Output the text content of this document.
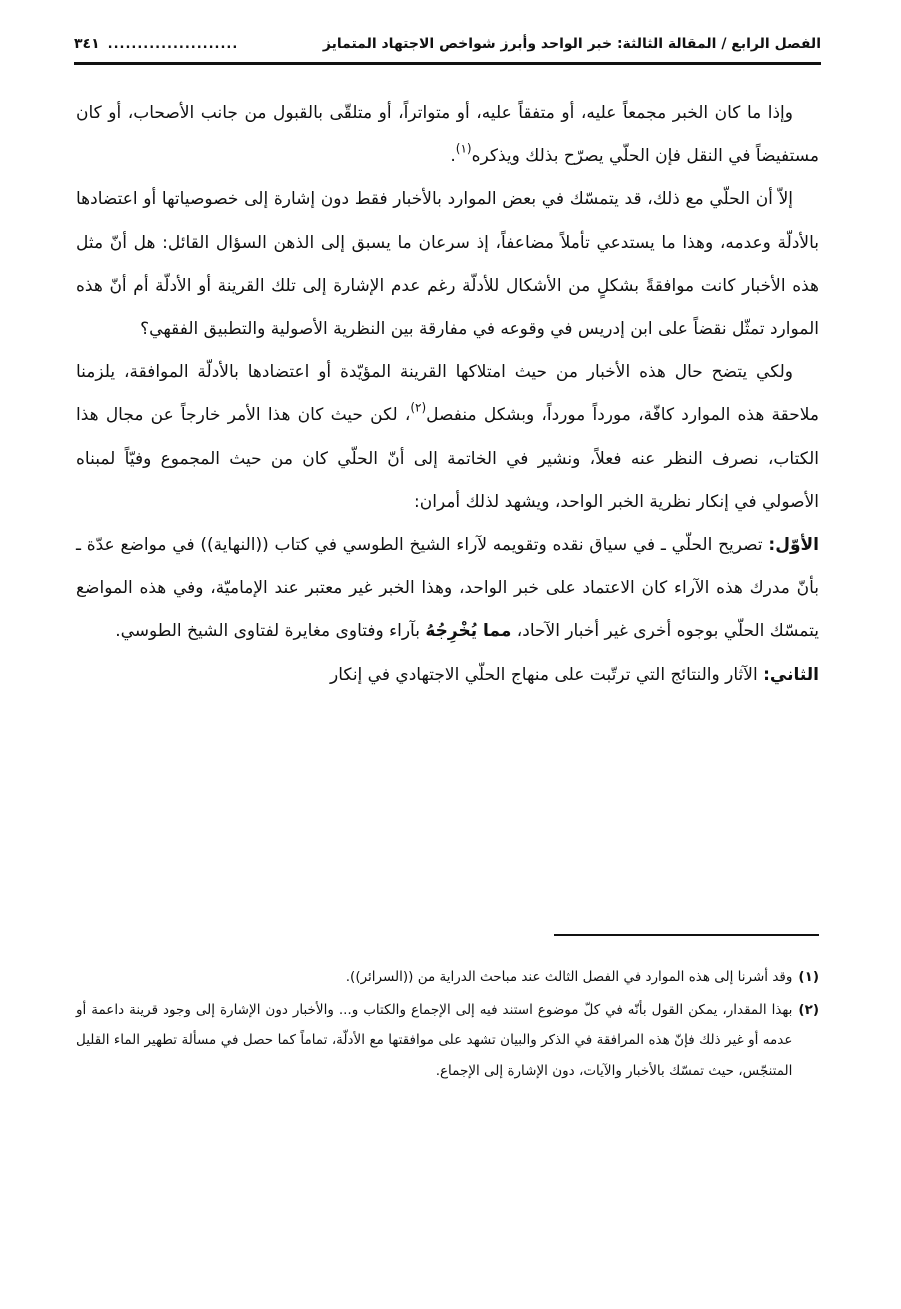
الفصل الرابع / المقالة الثالثة: خبر الواحد وأبرز شواخص الاجتهاد المتمايز
......................
٣٤١

وإذا ما كان الخبر مجمعاً عليه، أو متفقاً عليه، أو متواتراً، أو متلقّى بالقبول من جانب الأصحاب، أو كان مستفيضاً في النقل فإن الحلّي يصرّح بذلك ويذكره$^{(١)}$.

إلاّ أن الحلّي مع ذلك، قد يتمسّك في بعض الموارد بالأخبار فقط دون إشارة إلى خصوصياتها أو اعتضادها بالأدلّة وعدمه، وهذا ما يستدعي تأملاً مضاعفاً، إذ سرعان ما يسبق إلى الذهن السؤال القائل: هل أنّ مثل هذه الأخبار كانت موافقةً بشكلٍ من الأشكال للأدلّة رغم عدم الإشارة إلى تلك القرينة أو الأدلّة أم أنّ هذه الموارد تمثّل نقضاً على ابن إدريس في وقوعه في مفارقة بين النظرية الأصولية والتطبيق الفقهي؟

ولكي يتضح حال هذه الأخبار من حيث امتلاكها القرينة المؤيّدة أو اعتضادها بالأدلّة الموافقة، يلزمنا ملاحقة هذه الموارد كافّة، مورداً مورداً، وبشكل منفصل$^{(٢)}$، لكن حيث كان هذا الأمر خارجاً عن مجال هذا الكتاب، نصرف النظر عنه فعلاً، ونشير في الخاتمة إلى أنّ الحلّي كان من حيث المجموع وفيّاً لمبناه الأصولي في إنكار نظرية الخبر الواحد، ويشهد لذلك أمران:

الأوّل: تصريح الحلّي ـ في سياق نقده وتقويمه لآراء الشيخ الطوسي في كتاب ((النهاية)) في مواضع عدّة ـ بأنّ مدرك هذه الآراء كان الاعتماد على خبر الواحد، وهذا الخبر غير معتبر عند الإماميّة، وفي هذه المواضع يتمسّك الحلّي بوجوه أخرى غير أخبار الآحاد، مما يُخْرِجُهُ بآراء وفتاوى مغايرة لفتاوى الشيخ الطوسي.

الثاني: الآثار والنتائج التي ترتّبت على منهاج الحلّي الاجتهادي في إنكار

(١)
وقد أشرنا إلى هذه الموارد في الفصل الثالث عند مباحث الدراية من ((السرائر)).
(٢)
بهذا المقدار، يمكن القول بأنّه في كلّ موضوع استند فيه إلى الإجماع والكتاب و... والأخبار دون الإشارة إلى وجود قرينة داعمة أو عدمه أو غير ذلك فإنّ هذه المرافقة في الذكر والبيان تشهد على موافقتها مع الأدلّة، تماماً كما حصل في مسألة تطهير الماء القليل المتنجّس، حيث تمسّك بالأخبار والآيات، دون الإشارة إلى الإجماع.
